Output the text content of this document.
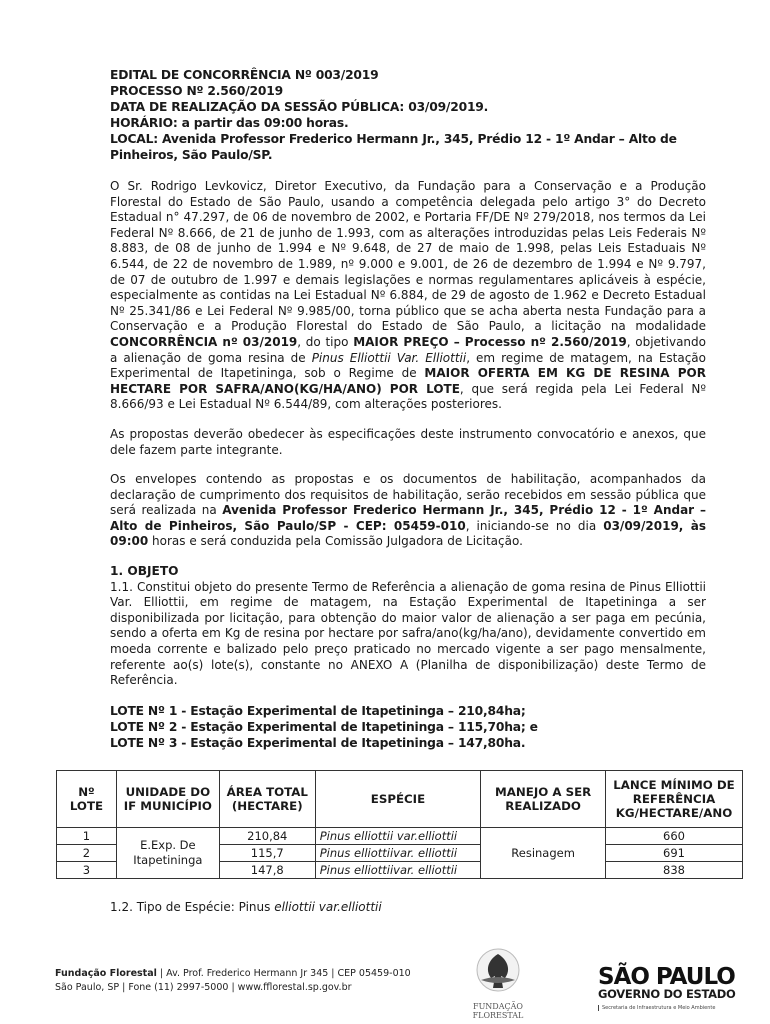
EDITAL DE CONCORRÊNCIA Nº 003/2019
PROCESSO Nº 2.560/2019
DATA DE REALIZAÇÃO DA SESSÃO PÚBLICA: 03/09/2019.
HORÁRIO: a partir das 09:00 horas.
LOCAL: Avenida Professor Frederico Hermann Jr., 345, Prédio 12 - 1º Andar – Alto de Pinheiros, São Paulo/SP.

O Sr. Rodrigo Levkovicz, Diretor Executivo, da Fundação para a Conservação e a Produção Florestal do Estado de São Paulo, usando a competência delegada pelo artigo 3° do Decreto Estadual n° 47.297, de 06 de novembro de 2002, e Portaria FF/DE Nº 279/2018, nos termos da Lei Federal Nº 8.666, de 21 de junho de 1.993, com as alterações introduzidas pelas Leis Federais Nº 8.883, de 08 de junho de 1.994 e Nº 9.648, de 27 de maio de 1.998, pelas Leis Estaduais Nº 6.544, de 22 de novembro de 1.989, nº 9.000 e 9.001, de 26 de dezembro de 1.994 e Nº 9.797, de 07 de outubro de 1.997 e demais legislações e normas regulamentares aplicáveis à espécie, especialmente as contidas na Lei Estadual Nº 6.884, de 29 de agosto de 1.962 e Decreto Estadual Nº 25.341/86 e Lei Federal Nº 9.985/00, torna público que se acha aberta nesta Fundação para a Conservação e a Produção Florestal do Estado de São Paulo, a licitação na modalidade CONCORRÊNCIA nº 03/2019, do tipo MAIOR PREÇO – Processo nº 2.560/2019, objetivando a alienação de goma resina de Pinus Elliottii Var. Elliottii, em regime de matagem, na Estação Experimental de Itapetininga, sob o Regime de MAIOR OFERTA EM KG DE RESINA POR HECTARE POR SAFRA/ANO(KG/HA/ANO) POR LOTE, que será regida pela Lei Federal Nº 8.666/93 e Lei Estadual Nº 6.544/89, com alterações posteriores.

As propostas deverão obedecer às especificações deste instrumento convocatório e anexos, que dele fazem parte integrante.

Os envelopes contendo as propostas e os documentos de habilitação, acompanhados da declaração de cumprimento dos requisitos de habilitação, serão recebidos em sessão pública que será realizada na Avenida Professor Frederico Hermann Jr., 345, Prédio 12 - 1º Andar – Alto de Pinheiros, São Paulo/SP - CEP: 05459-010, iniciando-se no dia 03/09/2019, às 09:00 horas e será conduzida pela Comissão Julgadora de Licitação.

1. OBJETO

1.1. Constitui objeto do presente Termo de Referência a alienação de goma resina de Pinus Elliottii Var. Elliottii, em regime de matagem, na Estação Experimental de Itapetininga a ser disponibilizada por licitação, para obtenção do maior valor de alienação a ser paga em pecúnia, sendo a oferta em Kg de resina por hectare por safra/ano(kg/ha/ano), devidamente convertido em moeda corrente e balizado pelo preço praticado no mercado vigente a ser pago mensalmente, referente ao(s) lote(s), constante no ANEXO A (Planilha de disponibilização) deste Termo de Referência.

LOTE Nº 1 - Estação Experimental de Itapetininga – 210,84ha;
LOTE Nº 2 - Estação Experimental de Itapetininga – 115,70ha; e
LOTE Nº 3 - Estação Experimental de Itapetininga – 147,80ha.
Nº LOTE	UNIDADE DO IF MUNICÍPIO	ÁREA TOTAL (HECTARE)	ESPÉCIE	MANEJO A SER REALIZADO	LANCE MÍNIMO DE REFERÊNCIA KG/HECTARE/ANO
1	E.Exp. De Itapetininga	210,84	Pinus elliottii var.elliottii	Resinagem	660
2		115,7	Pinus elliottiivar. elliottii		691
3		147,8	Pinus elliottiivar. elliottii		838
1.2. Tipo de Espécie: Pinus elliottii var.elliottii
Fundação Florestal | Av. Prof. Frederico Hermann Jr 345 | CEP 05459-010
São Paulo, SP | Fone (11) 2997-5000 | www.fflorestal.sp.gov.br
FUNDAÇÃO FLORESTAL
SÃO PAULO
GOVERNO DO ESTADO
Secretaria de Infraestrutura e Meio Ambiente
